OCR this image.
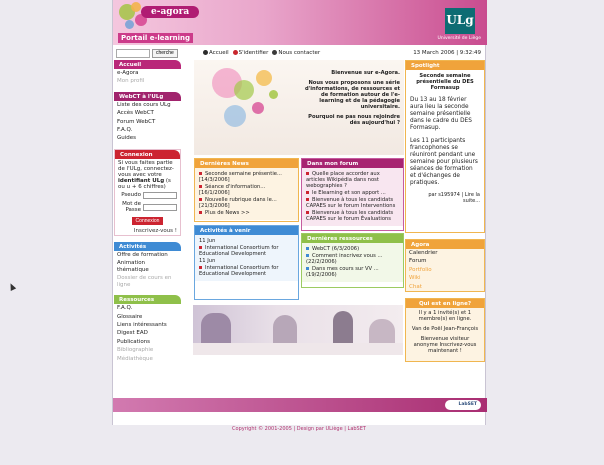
e-agora
Portail e-learning
ULg
Université de Liège
cherche	Accueil	S'identifier	Nous contacter	13 March 2006 | 9:32:49
Accueil
e-Agora
Mon profil
WebCT à l'ULg
Liste des cours ULg
Accès WebCT
Forum WebCT
F.A.Q.
Guides
Connexion
Si vous faites partie de l'ULg, connectez-vous avec votre identifiant ULg (s ou u + 6 chiffres)
Pseudo
Mot de Passe
Connexion
Inscrivez-vous !
Activités
Offre de formation
Animation thématique
Dossier de cours en ligne
Ressources
F.A.Q.
Glossaire
Liens intéressants
Digest EAD
Publications
Bibliographie
Médiathèque
Bienvenue sur e-Agora.
Nous vous proposons une série d'informations, de ressources et de formation autour de l'e-learning et de la pédagogie universitaire.
Pourquoi ne pas nous rejoindre dès aujourd'hui ?
Dernières News
Seconde semaine présentie... [14/3/2006]
Séance d'information... [16/1/2006]
Nouvelle rubrique dans le... [21/3/2006]
Plus de News >>
Dans mon forum
Quelle place accorder aux articles Wikipédia dans nost webographies ?
le Elearning et son apport ...
Bienvenue à tous les candidats CAPAES sur le forum Interventions
Bienvenue à tous les candidats CAPAES sur le forum Évaluations
Activités à venir
11 Jun
International Consortium for Educational Development
11 Jun
International Consortium for Educational Development
Dernières ressources
WebCT (6/3/2006)
Comment inscrivez vous ... (22/2/2006)
Dans mes cours sur VV ... (19/2/2006)
Spotlight
Seconde semaine présentielle du DES Formasup
Du 13 au 18 février aura lieu la seconde semaine présentielle dans le cadre du DES Formasup.
Les 11 participants francophones se réuniront pendant une semaine pour plusieurs séances de formation et d'échanges de pratiques.
par s195974 | Lire la suite...
Agora
Calendrier
Forum
Portfolio
Wiki
Chat
Qui est en ligne?
Il y a 1 invité(s) et 1 membre(s) en ligne.
Van de Poël Jean-François
Bienvenue visiteur anonyme Inscrivez-vous maintenant !
LabSET
Copyright © 2001-2005 | Design par ULiège | LabSET
